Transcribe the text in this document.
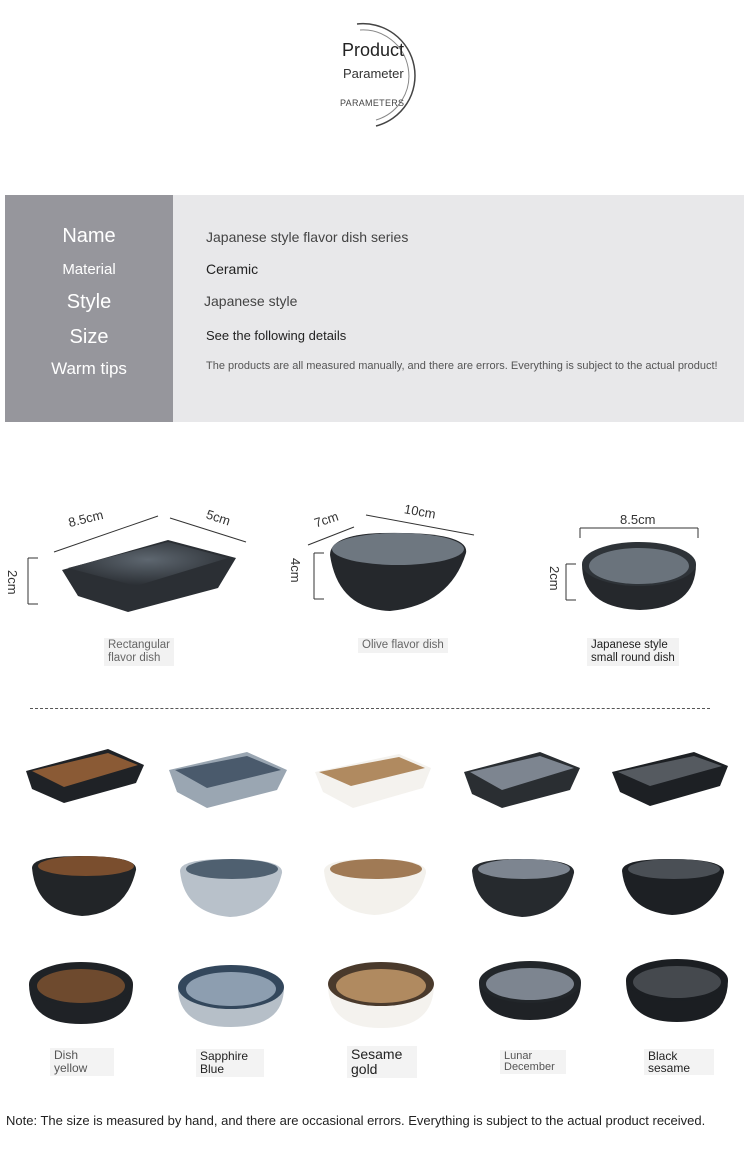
Product
Parameter
PARAMETERS
Name
Material
Style
Size
Warm tips
Japanese style flavor dish series
Ceramic
Japanese style
See the following details
The products are all measured manually, and there are errors. Everything is subject to the actual product!
8.5cm	5cm
2cm
Rectangular
flavor dish
7cm	10cm
4cm
Olive flavor dish
8.5cm
2cm
Japanese style
small round dish
Dish
yellow
Sapphire
Blue
Sesame
gold
Lunar
December
Black
sesame
Note: The size is measured by hand, and there are occasional errors. Everything is subject to the actual product received.
